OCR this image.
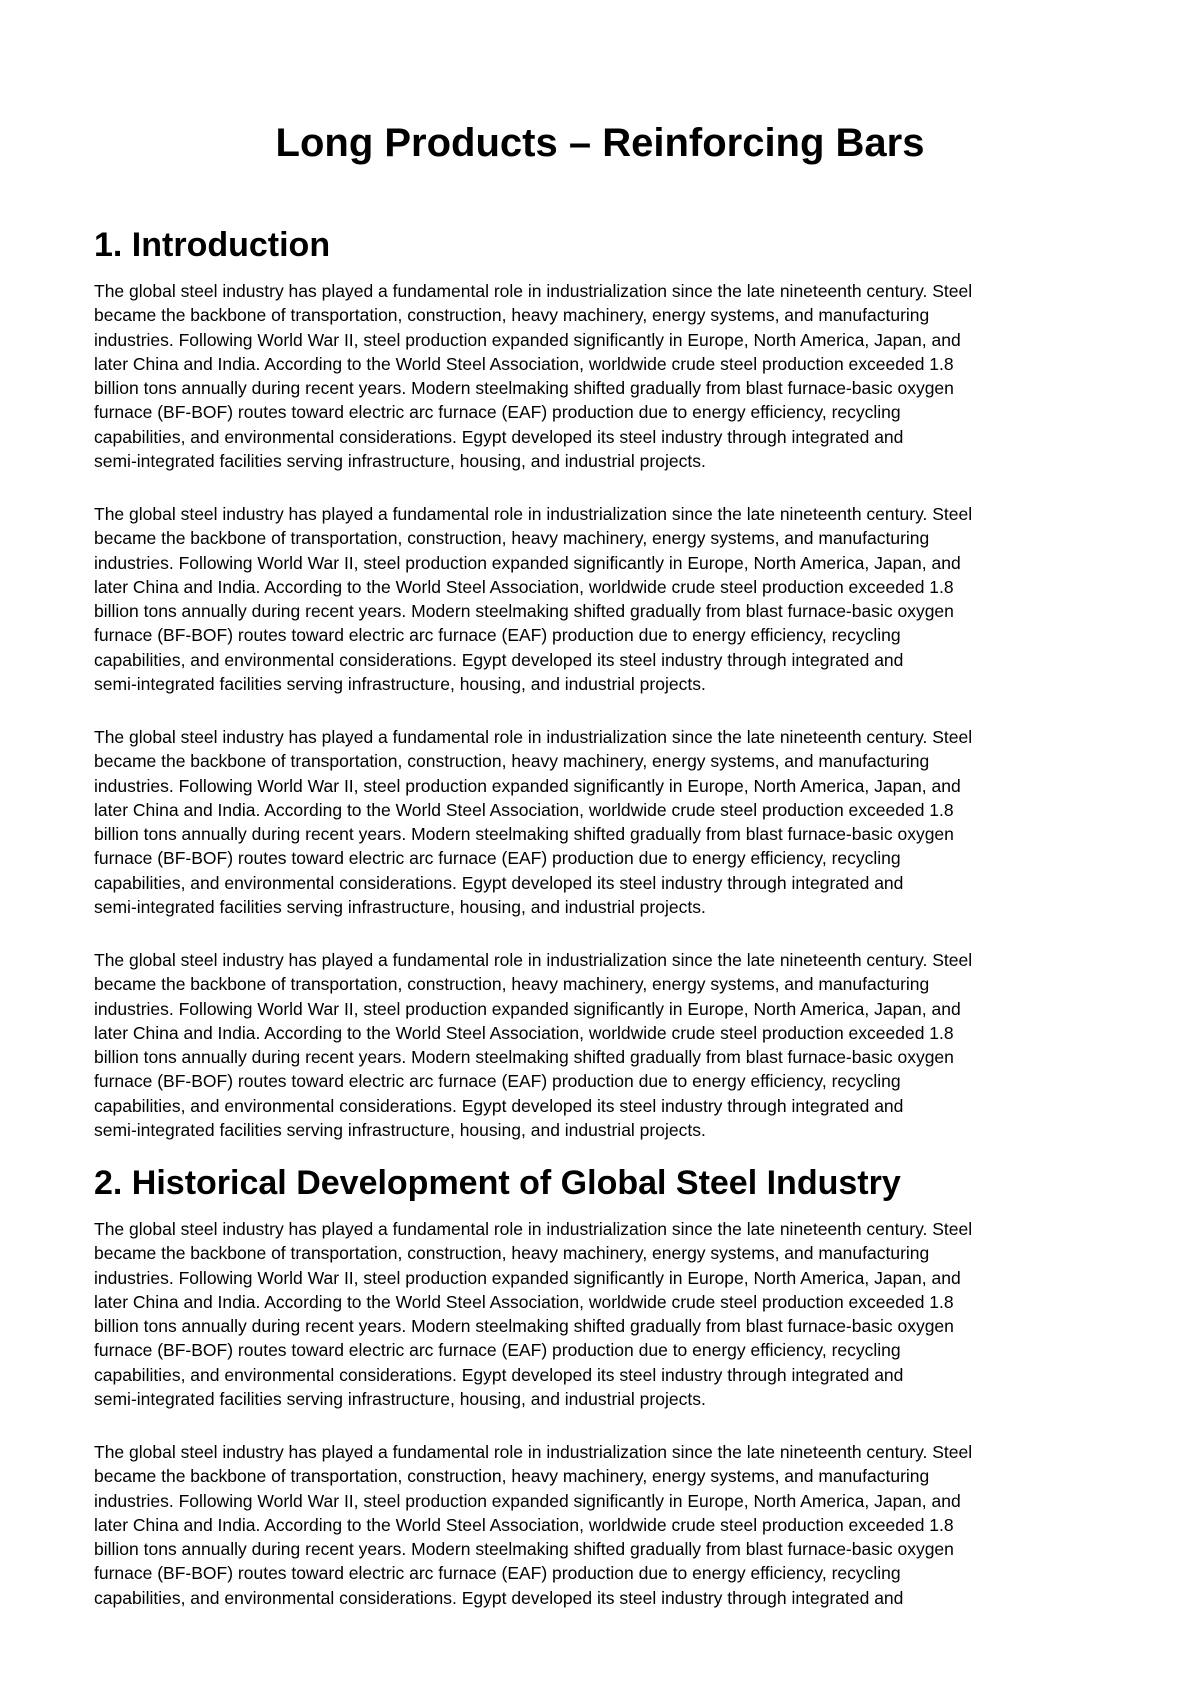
Long Products – Reinforcing Bars
1. Introduction

The global steel industry has played a fundamental role in industrialization since the late nineteenth century. Steel
became the backbone of transportation, construction, heavy machinery, energy systems, and manufacturing
industries. Following World War II, steel production expanded significantly in Europe, North America, Japan, and
later China and India. According to the World Steel Association, worldwide crude steel production exceeded 1.8
billion tons annually during recent years. Modern steelmaking shifted gradually from blast furnace-basic oxygen
furnace (BF-BOF) routes toward electric arc furnace (EAF) production due to energy efficiency, recycling
capabilities, and environmental considerations. Egypt developed its steel industry through integrated and
semi-integrated facilities serving infrastructure, housing, and industrial projects.

The global steel industry has played a fundamental role in industrialization since the late nineteenth century. Steel
became the backbone of transportation, construction, heavy machinery, energy systems, and manufacturing
industries. Following World War II, steel production expanded significantly in Europe, North America, Japan, and
later China and India. According to the World Steel Association, worldwide crude steel production exceeded 1.8
billion tons annually during recent years. Modern steelmaking shifted gradually from blast furnace-basic oxygen
furnace (BF-BOF) routes toward electric arc furnace (EAF) production due to energy efficiency, recycling
capabilities, and environmental considerations. Egypt developed its steel industry through integrated and
semi-integrated facilities serving infrastructure, housing, and industrial projects.

The global steel industry has played a fundamental role in industrialization since the late nineteenth century. Steel
became the backbone of transportation, construction, heavy machinery, energy systems, and manufacturing
industries. Following World War II, steel production expanded significantly in Europe, North America, Japan, and
later China and India. According to the World Steel Association, worldwide crude steel production exceeded 1.8
billion tons annually during recent years. Modern steelmaking shifted gradually from blast furnace-basic oxygen
furnace (BF-BOF) routes toward electric arc furnace (EAF) production due to energy efficiency, recycling
capabilities, and environmental considerations. Egypt developed its steel industry through integrated and
semi-integrated facilities serving infrastructure, housing, and industrial projects.

The global steel industry has played a fundamental role in industrialization since the late nineteenth century. Steel
became the backbone of transportation, construction, heavy machinery, energy systems, and manufacturing
industries. Following World War II, steel production expanded significantly in Europe, North America, Japan, and
later China and India. According to the World Steel Association, worldwide crude steel production exceeded 1.8
billion tons annually during recent years. Modern steelmaking shifted gradually from blast furnace-basic oxygen
furnace (BF-BOF) routes toward electric arc furnace (EAF) production due to energy efficiency, recycling
capabilities, and environmental considerations. Egypt developed its steel industry through integrated and
semi-integrated facilities serving infrastructure, housing, and industrial projects.

2. Historical Development of Global Steel Industry

The global steel industry has played a fundamental role in industrialization since the late nineteenth century. Steel
became the backbone of transportation, construction, heavy machinery, energy systems, and manufacturing
industries. Following World War II, steel production expanded significantly in Europe, North America, Japan, and
later China and India. According to the World Steel Association, worldwide crude steel production exceeded 1.8
billion tons annually during recent years. Modern steelmaking shifted gradually from blast furnace-basic oxygen
furnace (BF-BOF) routes toward electric arc furnace (EAF) production due to energy efficiency, recycling
capabilities, and environmental considerations. Egypt developed its steel industry through integrated and
semi-integrated facilities serving infrastructure, housing, and industrial projects.

The global steel industry has played a fundamental role in industrialization since the late nineteenth century. Steel
became the backbone of transportation, construction, heavy machinery, energy systems, and manufacturing
industries. Following World War II, steel production expanded significantly in Europe, North America, Japan, and
later China and India. According to the World Steel Association, worldwide crude steel production exceeded 1.8
billion tons annually during recent years. Modern steelmaking shifted gradually from blast furnace-basic oxygen
furnace (BF-BOF) routes toward electric arc furnace (EAF) production due to energy efficiency, recycling
capabilities, and environmental considerations. Egypt developed its steel industry through integrated and
